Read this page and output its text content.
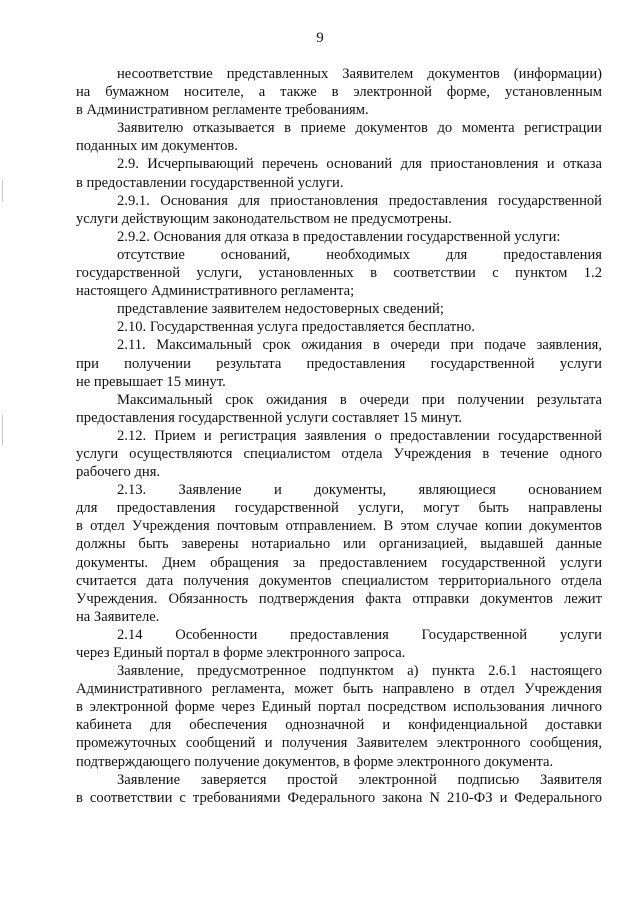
9
несоответствие представленных Заявителем документов (информации)
на бумажном носителе, а также в электронной форме, установленным
в Административном регламенте требованиям.
Заявителю отказывается в приеме документов до момента регистрации
поданных им документов.
2.9. Исчерпывающий перечень оснований для приостановления и отказа
в предоставлении государственной услуги.
2.9.1. Основания для приостановления предоставления государственной
услуги действующим законодательством не предусмотрены.
2.9.2. Основания для отказа в предоставлении государственной услуги:
отсутствие оснований, необходимых для предоставления
государственной услуги, установленных в соответствии с пунктом 1.2
настоящего Административного регламента;
представление заявителем недостоверных сведений;
2.10. Государственная услуга предоставляется бесплатно.
2.11. Максимальный срок ожидания в очереди при подаче заявления,
при получении результата предоставления государственной услуги
не превышает 15 минут.
Максимальный срок ожидания в очереди при получении результата
предоставления государственной услуги составляет 15 минут.
2.12. Прием и регистрация заявления о предоставлении государственной
услуги осуществляются специалистом отдела Учреждения в течение одного
рабочего дня.
2.13. Заявление и документы, являющиеся основанием
для предоставления государственной услуги, могут быть направлены
в отдел Учреждения почтовым отправлением. В этом случае копии документов
должны быть заверены нотариально или организацией, выдавшей данные
документы. Днем обращения за предоставлением государственной услуги
считается дата получения документов специалистом территориального отдела
Учреждения. Обязанность подтверждения факта отправки документов лежит
на Заявителе.
2.14 Особенности предоставления Государственной услуги
через Единый портал в форме электронного запроса.
Заявление, предусмотренное подпунктом а) пункта 2.6.1 настоящего
Административного регламента, может быть направлено в отдел Учреждения
в электронной форме через Единый портал посредством использования личного
кабинета для обеспечения однозначной и конфиденциальной доставки
промежуточных сообщений и получения Заявителем электронного сообщения,
подтверждающего получение документов, в форме электронного документа.
Заявление заверяется простой электронной подписью Заявителя
в соответствии с требованиями Федерального закона N 210-ФЗ и Федерального
